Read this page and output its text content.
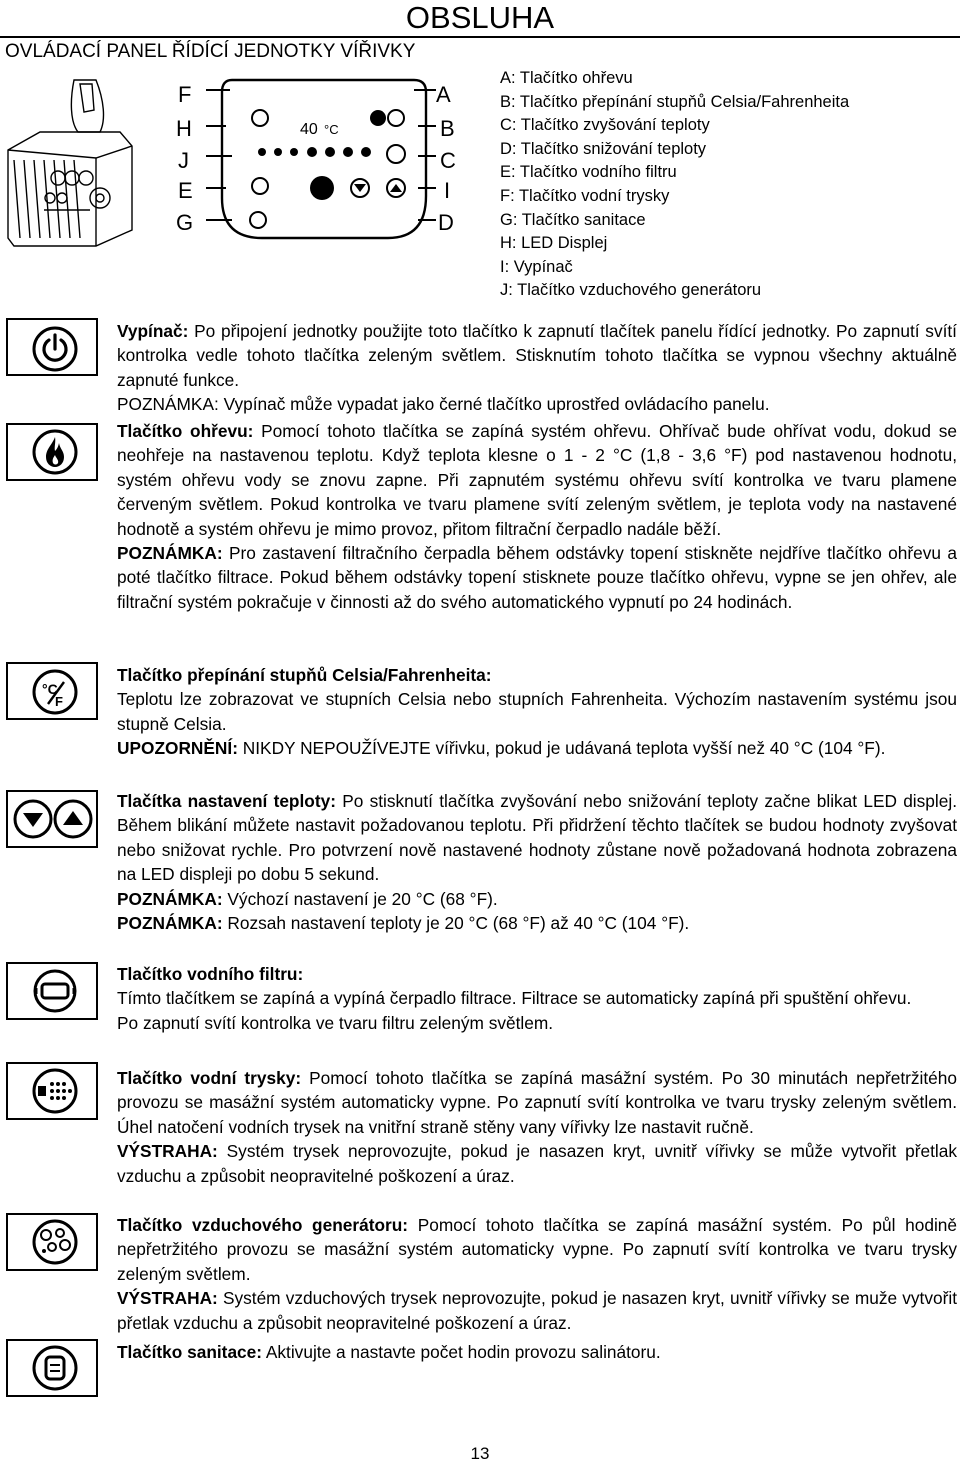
OBSLUHA
OVLÁDACÍ PANEL ŘÍDÍCÍ JEDNOTKY VÍŘIVKY
40 °C
F
H
J
E
G
A
B
C
I
D
A: Tlačítko ohřevu
B: Tlačítko přepínání stupňů Celsia/Fahrenheita
C: Tlačítko zvyšování teploty
D: Tlačítko snižování teploty
E: Tlačítko vodního filtru
F: Tlačítko vodní trysky
G: Tlačítko sanitace
H: LED Displej
I: Vypínač
J: Tlačítko vzduchového generátoru
°C
F

Vypínač: Po připojení jednotky použijte toto tlačítko k zapnutí tlačítek panelu řídící jednotky. Po zapnutí svítí kontrolka vedle tohoto tlačítka zeleným světlem. Stisknutím tohoto tlačítka se vypnou všechny aktuálně zapnuté funkce.

POZNÁMKA: Vypínač může vypadat jako černé tlačítko uprostřed ovládacího panelu.

Tlačítko ohřevu: Pomocí tohoto tlačítka se zapíná systém ohřevu. Ohřívač bude ohřívat vodu, dokud se neohřeje na nastavenou teplotu. Když teplota klesne o 1 - 2 °C (1,8 - 3,6 °F) pod nastavenou hodnotu, systém ohřevu vody se znovu zapne. Při zapnutém systému ohřevu svítí kontrolka ve tvaru plamene červeným světlem. Pokud kontrolka ve tvaru plamene svítí zeleným světlem, je teplota vody na nastavené hodnotě a systém ohřevu je mimo provoz, přitom filtrační čerpadlo nadále běží.

POZNÁMKA: Pro zastavení filtračního čerpadla během odstávky topení stiskněte nejdříve tlačítko ohřevu a poté tlačítko filtrace. Pokud během odstávky topení stisknete pouze tlačítko ohřevu, vypne se jen ohřev, ale filtrační systém pokračuje v činnosti až do svého automatického vypnutí po 24 hodinách.

Tlačítko přepínání stupňů Celsia/Fahrenheita:

Teplotu lze zobrazovat ve stupních Celsia nebo stupních Fahrenheita. Výchozím nastavením systému jsou stupně Celsia.

UPOZORNĚNÍ: NIKDY NEPOUŽÍVEJTE vířivku, pokud je udávaná teplota vyšší než 40 °C (104 °F).

Tlačítka nastavení teploty: Po stisknutí tlačítka zvyšování nebo snižování teploty začne blikat LED displej. Během blikání můžete nastavit požadovanou teplotu. Při přidržení těchto tlačítek se budou hodnoty zvyšovat nebo snižovat rychle. Pro potvrzení nově nastavené hodnoty zůstane nově požadovaná hodnota zobrazena na LED displeji po dobu 5 sekund.

POZNÁMKA: Výchozí nastavení je 20 °C (68 °F).

POZNÁMKA: Rozsah nastavení teploty je 20 °C (68 °F) až 40 °C (104 °F).

Tlačítko vodního filtru:

Tímto tlačítkem se zapíná a vypíná čerpadlo filtrace. Filtrace se automaticky zapíná při spuštění ohřevu.

Po zapnutí svítí kontrolka ve tvaru filtru zeleným světlem.

Tlačítko vodní trysky: Pomocí tohoto tlačítka se zapíná masážní systém. Po 30 minutách nepřetržitého provozu se masážní systém automaticky vypne. Po zapnutí svítí kontrolka ve tvaru trysky zeleným světlem. Úhel natočení vodních trysek na vnitřní straně stěny vany vířivky lze nastavit ručně.

VÝSTRAHA: Systém trysek neprovozujte, pokud je nasazen kryt, uvnitř vířivky se může vytvořit přetlak vzduchu a způsobit neopravitelné poškození a úraz.

Tlačítko vzduchového generátoru: Pomocí tohoto tlačítka se zapíná masážní systém. Po půl hodině nepřetržitého provozu se masážní systém automaticky vypne. Po zapnutí svítí kontrolka ve tvaru trysky zeleným světlem.

VÝSTRAHA: Systém vzduchových trysek neprovozujte, pokud je nasazen kryt, uvnitř vířivky se muže vytvořit přetlak vzduchu a způsobit neopravitelné poškození a úraz.

Tlačítko sanitace: Aktivujte a nastavte počet hodin provozu salinátoru.

13
